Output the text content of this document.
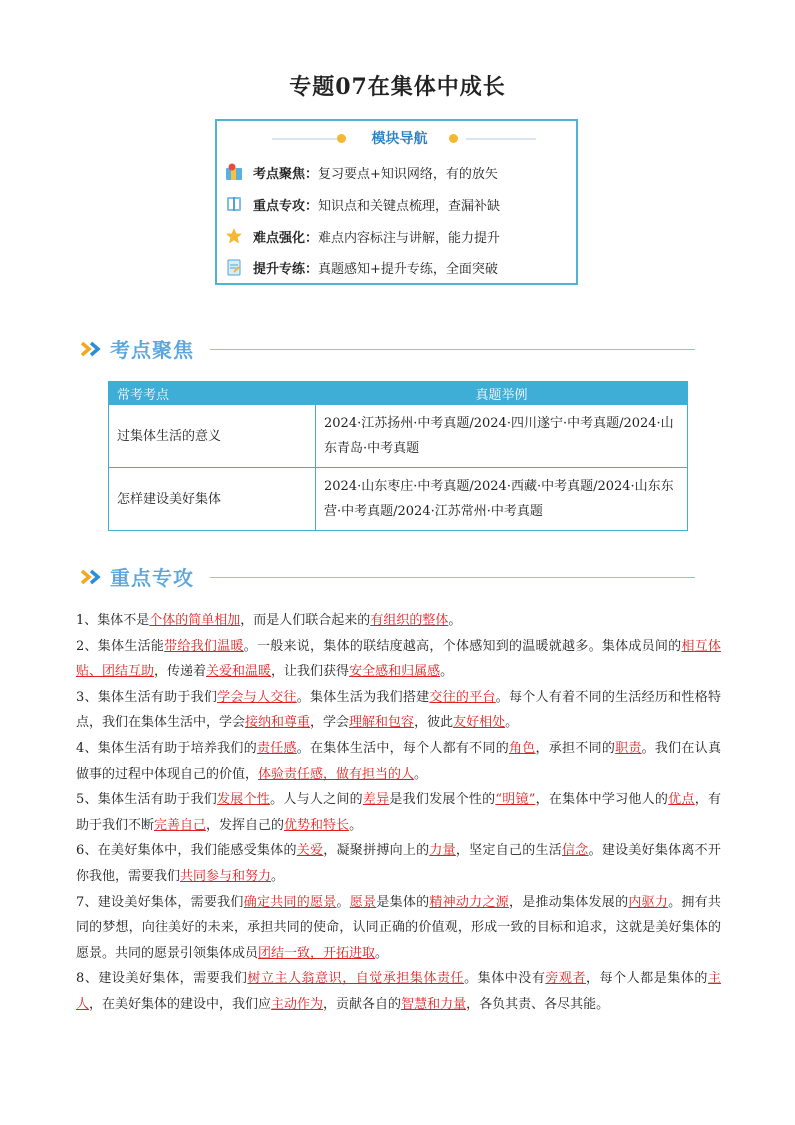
专题07在集体中成长
模块导航
考点聚焦 ： 复习要点+知识网络，有的放矢
重点专攻 ： 知识点和关键点梳理，查漏补缺
难点强化 ： 难点内容标注与讲解，能力提升
提升专练 ： 真题感知+提升专练，全面突破
考点聚焦
常考考点	真题举例
过集体生活的意义	2024·江苏扬州·中考真题/2024·四川遂宁·中考真题/2024·山东青岛·中考真题
怎样建设美好集体	2024·山东枣庄·中考真题/2024·西藏·中考真题/2024·山东东营·中考真题/2024·江苏常州·中考真题
重点专攻

1、集体不是个体的简单相加，而是人们联合起来的有组织的整体。

2、集体生活能带给我们温暖。一般来说，集体的联结度越高，个体感知到的温暖就越多。集体成员间的相互体贴、团结互助，传递着关爱和温暖，让我们获得安全感和归属感。

3、集体生活有助于我们学会与人交往。集体生活为我们搭建交往的平台。每个人有着不同的生活经历和性格特点，我们在集体生活中，学会接纳和尊重，学会理解和包容，彼此友好相处。

4、集体生活有助于培养我们的责任感。在集体生活中，每个人都有不同的角色，承担不同的职责。我们在认真做事的过程中体现自己的价值，体验责任感，做有担当的人。

5、集体生活有助于我们发展个性。人与人之间的差异是我们发展个性的“明镜”，在集体中学习他人的优点，有助于我们不断完善自己，发挥自己的优势和特长。

6、在美好集体中，我们能感受集体的关爱，凝聚拼搏向上的力量，坚定自己的生活信念。建设美好集体离不开你我他，需要我们共同参与和努力。

7、建设美好集体，需要我们确定共同的愿景。愿景是集体的精神动力之源，是推动集体发展的内驱力。拥有共同的梦想，向往美好的未来，承担共同的使命，认同正确的价值观，形成一致的目标和追求，这就是美好集体的愿景。共同的愿景引领集体成员团结一致，开拓进取。

8、建设美好集体，需要我们树立主人翁意识，自觉承担集体责任。集体中没有旁观者，每个人都是集体的主人，在美好集体的建设中，我们应主动作为，贡献各自的智慧和力量，各负其责、各尽其能。
